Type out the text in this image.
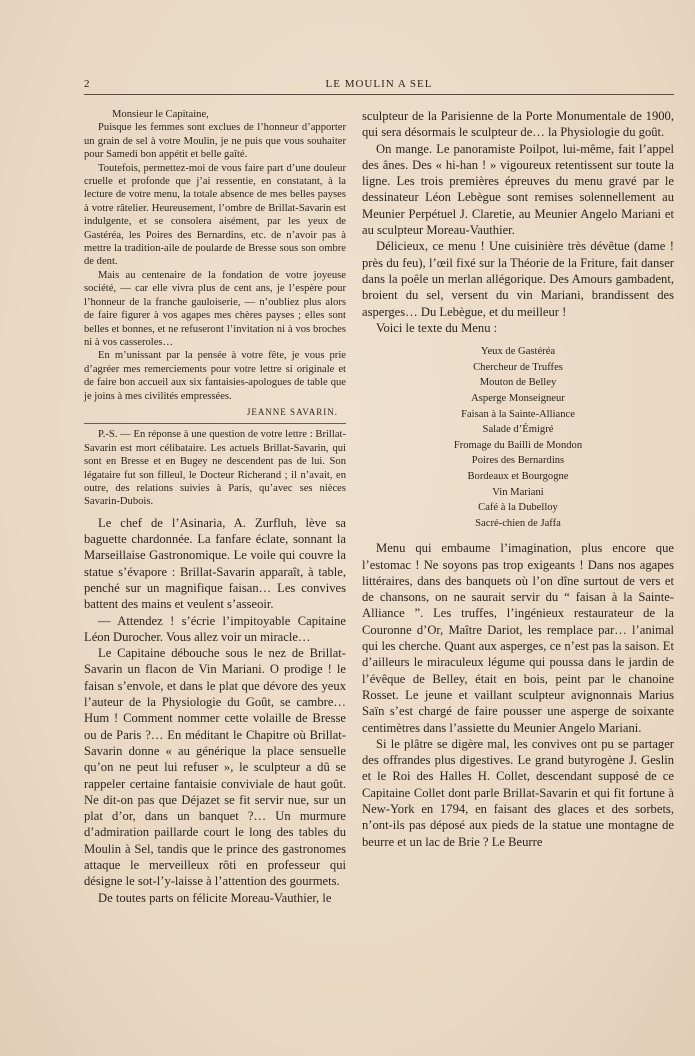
2	LE MOULIN A SEL

Monsieur le Capitaine,

Puisque les femmes sont exclues de l’honneur d’apporter un grain de sel à votre Moulin, je ne puis que vous souhaiter pour Samedi bon appétit et belle gaîté.

Toutefois, permettez-moi de vous faire part d’une douleur cruelle et profonde que j’ai ressentie, en constatant, à la lecture de votre menu, la totale absence de mes belles payses à votre râtelier. Heureusement, l’ombre de Brillat-Savarin est indulgente, et se consolera aisément, par les yeux de Gastéréa, les Poires des Bernardins, etc. de n’avoir pas à mettre la tradition-aile de poularde de Bresse sous son ombre de dent.

Mais au centenaire de la fondation de votre joyeuse société, — car elle vivra plus de cent ans, je l’espère pour l’honneur de la franche gauloiserie, — n’oubliez plus alors de faire figurer à vos agapes mes chères payses ; elles sont belles et bonnes, et ne refuseront l’invitation ni à vos broches ni à vos casseroles…

En m’unissant par la pensée à votre fête, je vous prie d’agréer mes remerciements pour votre lettre si originale et de faire bon accueil aux six fantaisies-apologues de table que je joins à mes civilités empressées.

JEANNE SAVARIN.

P.-S. — En réponse à une question de votre lettre : Brillat-Savarin est mort célibataire. Les actuels Brillat-Savarin, qui sont en Bresse et en Bugey ne descendent pas de lui. Son légataire fut son filleul, le Docteur Richerand ; il n’avait, en outre, des relations suivies à Paris, qu’avec ses nièces Savarin-Dubois.

Le chef de l’Asinaria, A. Zurfluh, lève sa baguette chardonnée. La fanfare éclate, sonnant la Marseillaise Gastronomique. Le voile qui couvre la statue s’évapore : Brillat-Savarin apparaît, à table, penché sur un magnifique faisan… Les convives battent des mains et veulent s’asseoir.

— Attendez ! s’écrie l’impitoyable Capitaine Léon Durocher. Vous allez voir un miracle…

Le Capitaine débouche sous le nez de Brillat-Savarin un flacon de Vin Mariani. O prodige ! le faisan s’envole, et dans le plat que dévore des yeux l’auteur de la Physiologie du Goût, se cambre… Hum ! Comment nommer cette volaille de Bresse ou de Paris ?… En méditant le Chapitre où Brillat-Savarin donne « au générique la place sensuelle qu’on ne peut lui refuser », le sculpteur a dû se rappeler certaine fantaisie conviviale de haut goût. Ne dit-on pas que Déjazet se fit servir nue, sur un plat d’or, dans un banquet ?… Un murmure d’admiration paillarde court le long des tables du Moulin à Sel, tandis que le prince des gastronomes attaque le merveilleux rôti en professeur qui désigne le sot-l’y-laisse à l’attention des gourmets.

De toutes parts on félicite Moreau-Vauthier, le

sculpteur de la Parisienne de la Porte Monumentale de 1900, qui sera désormais le sculpteur de… la Physiologie du goût.

On mange. Le panoramiste Poilpot, lui-même, fait l’appel des ânes. Des « hi-han ! » vigoureux retentissent sur toute la ligne. Les trois premières épreuves du menu gravé par le dessinateur Léon Lebègue sont remises solennellement au Meunier Perpétuel J. Claretie, au Meunier Angelo Mariani et au sculpteur Moreau-Vauthier.

Délicieux, ce menu ! Une cuisinière très dévêtue (dame ! près du feu), l’œil fixé sur la Théorie de la Friture, fait danser dans la poêle un merlan allégorique. Des Amours gambadent, broient du sel, versent du vin Mariani, brandissent des asperges… Du Lebègue, et du meilleur !

Voici le texte du Menu :

Yeux de Gastéréa
Chercheur de Truffes
Mouton de Belley
Asperge Monseigneur
Faisan à la Sainte-Alliance
Salade d’Émigré
Fromage du Bailli de Mondon
Poires des Bernardins
Bordeaux et Bourgogne
Vin Mariani
Café à la Dubelloy
Sacré-chien de Jaffa

Menu qui embaume l’imagination, plus encore que l’estomac ! Ne soyons pas trop exigeants ! Dans nos agapes littéraires, dans des banquets où l’on dîne surtout de vers et de chansons, on ne saurait servir du “ faisan à la Sainte-Alliance ”. Les truffes, l’ingénieux restaurateur de la Couronne d’Or, Maître Dariot, les remplace par… l’animal qui les cherche. Quant aux asperges, ce n’est pas la saison. Et d’ailleurs le miraculeux légume qui poussa dans le jardin de l’évêque de Belley, était en bois, peint par le chanoine Rosset. Le jeune et vaillant sculpteur avignonnais Marius Saïn s’est chargé de faire pousser une asperge de soixante centimètres dans l’assiette du Meunier Angelo Mariani.

Si le plâtre se digère mal, les convives ont pu se partager des offrandes plus digestives. Le grand butyrogène J. Geslin et le Roi des Halles H. Collet, descendant supposé de ce Capitaine Collet dont parle Brillat-Savarin et qui fit fortune à New-York en 1794, en faisant des glaces et des sorbets, n’ont-ils pas déposé aux pieds de la statue une montagne de beurre et un lac de Brie ? Le Beurre
